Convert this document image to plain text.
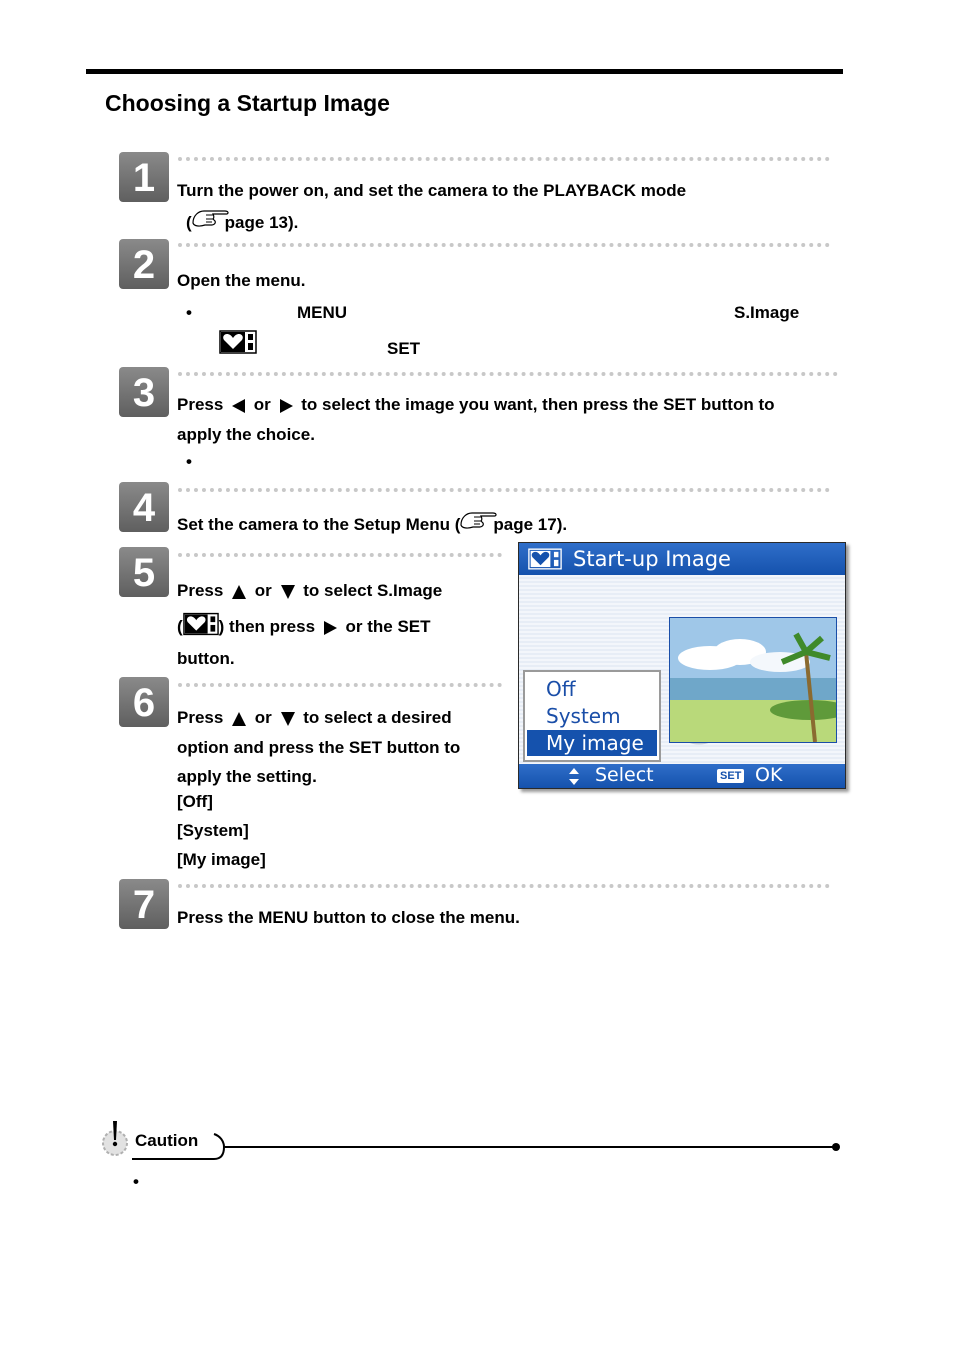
Choosing a Startup Image
1	Turn the power on, and set the camera to the PLAYBACK mode
( page 13).
2	Open the menu.
•	MENU	S.Image
SET
3	Press or to select the image you want, then press the SET button to
apply the choice.
•
4	Set the camera to the Setup Menu ( page 17).
5	Press or to select S.Image
( ) then press or the SET
button.
6	Press or to select a desired
option and press the SET button to
apply the setting.
[Off]
[System]
[My image]
Start-up Image
Off
System
My image
Select	SET OK
7	Press the MENU button to close the menu.
Caution
•
